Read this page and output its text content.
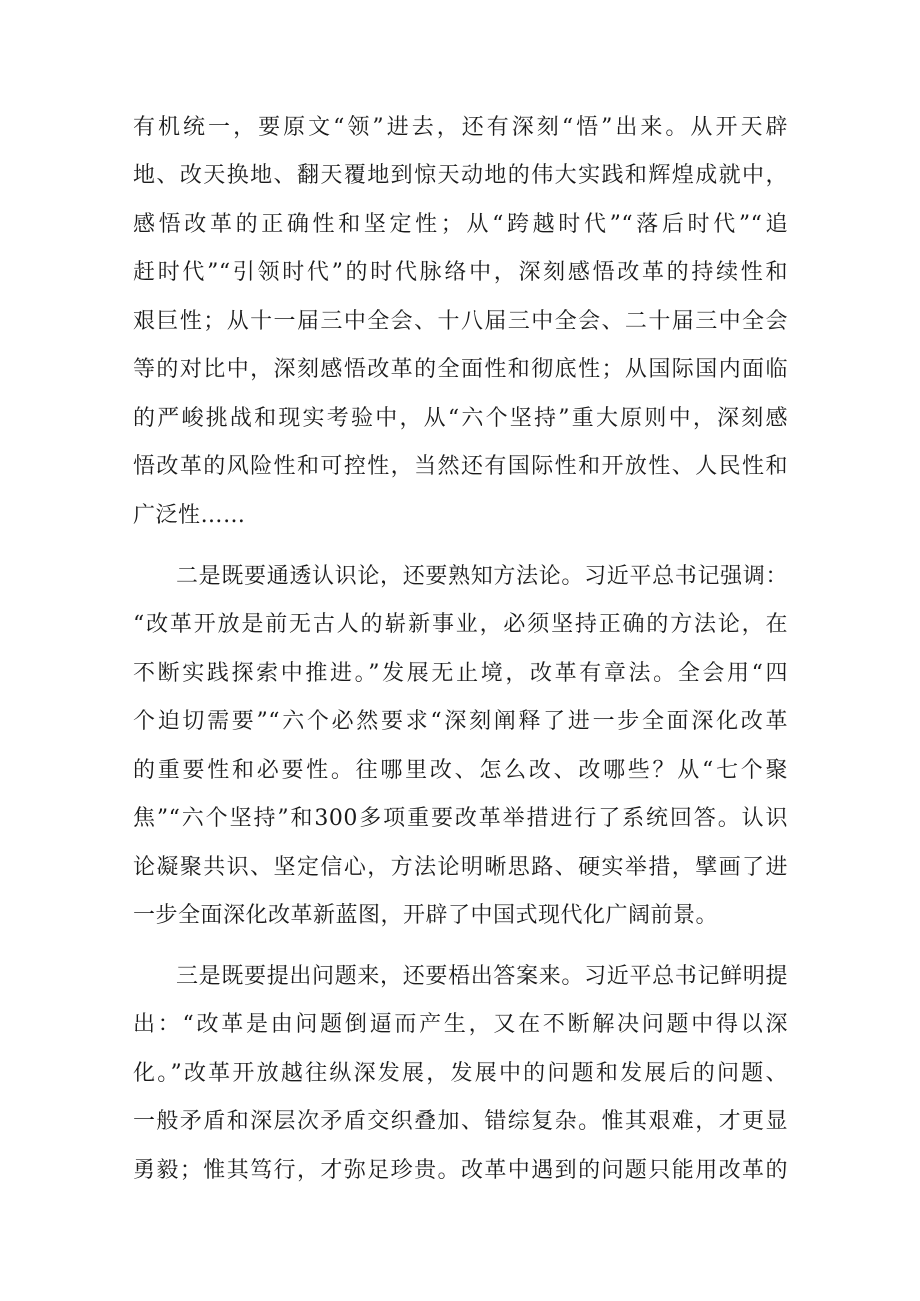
有机统一，要原文“领”进去，还有深刻“悟”出来。从开天辟
地、改天换地、翻天覆地到惊天动地的伟大实践和辉煌成就中，
感悟改革的正确性和坚定性；从“跨越时代”“落后时代”“追
赶时代”“引领时代”的时代脉络中，深刻感悟改革的持续性和
艰巨性；从十一届三中全会、十八届三中全会、二十届三中全会
等的对比中，深刻感悟改革的全面性和彻底性；从国际国内面临
的严峻挑战和现实考验中，从“六个坚持”重大原则中，深刻感
悟改革的风险性和可控性，当然还有国际性和开放性、人民性和
广泛性……
二是既要通透认识论，还要熟知方法论。习近平总书记强调：
“改革开放是前无古人的崭新事业，必须坚持正确的方法论，在
不断实践探索中推进。”发展无止境，改革有章法。全会用“四
个迫切需要”“六个必然要求“深刻阐释了进一步全面深化改革
的重要性和必要性。往哪里改、怎么改、改哪些？从“七个聚
焦”“六个坚持”和300多项重要改革举措进行了系统回答。认识
论凝聚共识、坚定信心，方法论明晰思路、硬实举措，擘画了进
一步全面深化改革新蓝图，开辟了中国式现代化广阔前景。
三是既要提出问题来，还要梧出答案来。习近平总书记鲜明提
出：“改革是由问题倒逼而产生，又在不断解决问题中得以深
化。”改革开放越往纵深发展，发展中的问题和发展后的问题、
一般矛盾和深层次矛盾交织叠加、错综复杂。惟其艰难，才更显
勇毅；惟其笃行，才弥足珍贵。改革中遇到的问题只能用改革的
